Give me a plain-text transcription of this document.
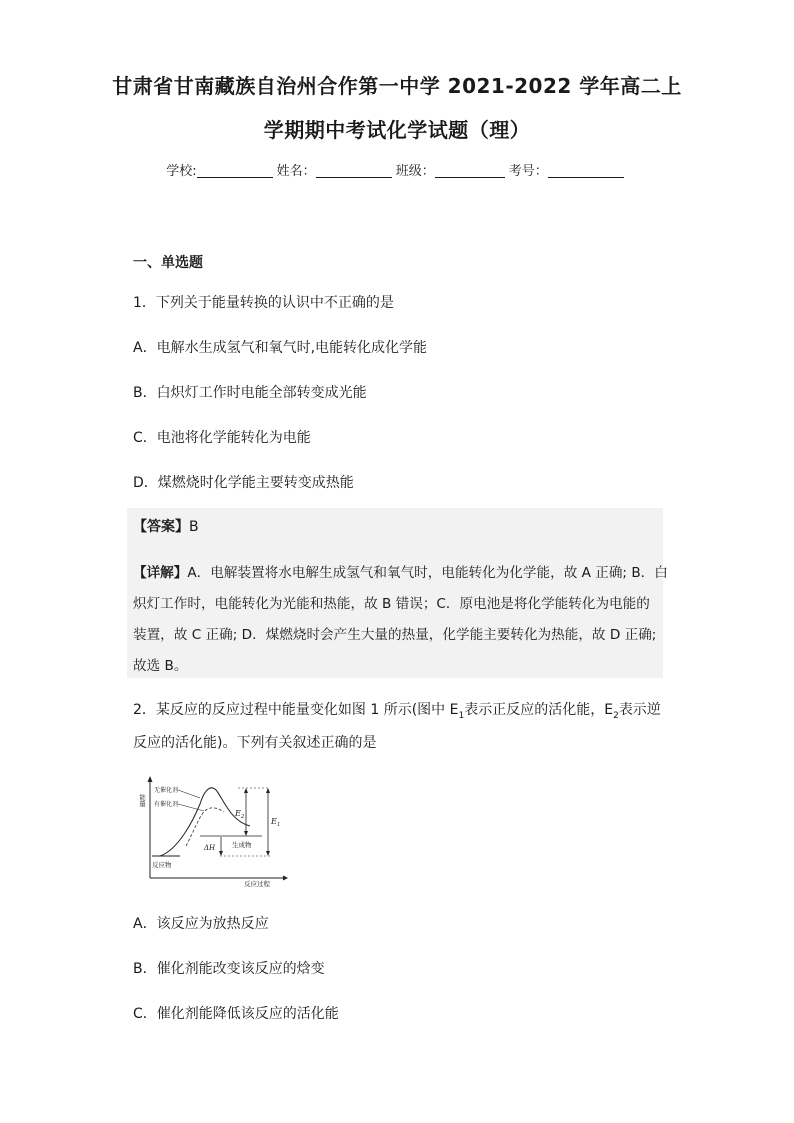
甘肃省甘南藏族自治州合作第一中学 2021-2022 学年高二上
学期期中考试化学试题（理）
学校:	姓名：	班级：	考号：
一、单选题
1．下列关于能量转换的认识中不正确的是
A．电解水生成氢气和氧气时,电能转化成化学能
B．白炽灯工作时电能全部转变成光能
C．电池将化学能转化为电能
D．煤燃烧时化学能主要转变成热能
【答案】B
【详解】A．电解装置将水电解生成氢气和氧气时，电能转化为化学能，故 A 正确; B．白
炽灯工作时，电能转化为光能和热能，故 B 错误；C．原电池是将化学能转化为电能的
装置，故 C 正确; D．煤燃烧时会产生大量的热量，化学能主要转化为热能，故 D 正确;
故选 B。
2．某反应的反应过程中能量变化如图 1 所示(图中 $E_1$表示正反应的活化能，$E_2$表示逆
反应的活化能)。下列有关叙述正确的是
能量
反应物
生成物
无催化剂
有催化剂
$E_2$	$E_1$
ΔH
反应过程
A．该反应为放热反应
B．催化剂能改变该反应的焓变
C．催化剂能降低该反应的活化能
